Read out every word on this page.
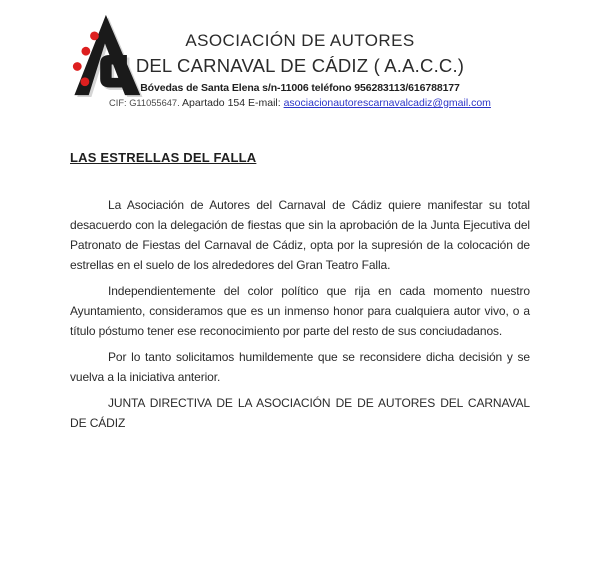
ASOCIACIÓN DE AUTORES
DEL CARNAVAL DE CÁDIZ ( A.A.C.C.)
Bóvedas de Santa Elena s/n-11006 teléfono 956283113/616788177
CIF: G11055647. Apartado 154 E-mail: asociacionautorescarnavalcadiz@gmail.com
LAS ESTRELLAS DEL FALLA

La Asociación de Autores del Carnaval de Cádiz quiere manifestar su total desacuerdo con la delegación de fiestas que sin la aprobación de la Junta Ejecutiva del Patronato de Fiestas del Carnaval de Cádiz, opta por la supresión de la colocación de estrellas en el suelo de los alrededores del Gran Teatro Falla.

Independientemente del color político que rija en cada momento nuestro Ayuntamiento, consideramos que es un inmenso honor para cualquiera autor vivo, o a título póstumo tener ese reconocimiento por parte del resto de sus conciudadanos.

Por lo tanto solicitamos humildemente que se reconsidere dicha decisión y se vuelva a la iniciativa anterior.

JUNTA DIRECTIVA DE LA ASOCIACIÓN DE DE AUTORES DEL CARNAVAL DE CÁDIZ
